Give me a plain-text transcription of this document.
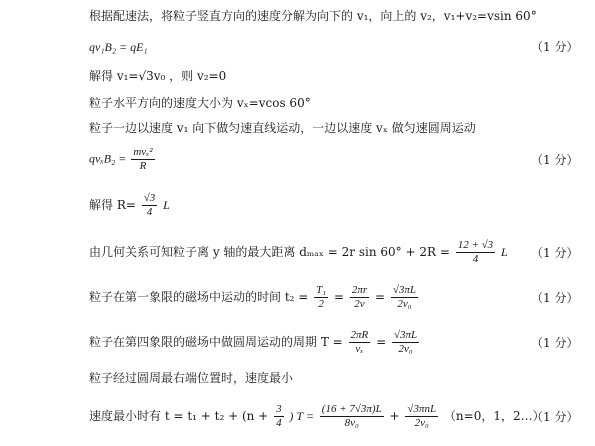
根据配速法，将粒子竖直方向的速度分解为向下的 v₁，向上的 v₂，v₁+v₂=vsin 60°
qv₁B₂ = qE₁	（1 分）
解得 v₁=√3v₀ ，则 v₂=0
粒子水平方向的速度大小为 vₓ=vcos 60°
粒子一边以速度 v₁ 向下做匀速直线运动，一边以速度 vₓ 做匀速圆周运动
$qv_xB_2 = \frac{\text{mvₓ²}}{R}$	（1 分）
解得 $R= \frac{√3}{4}$ L
由几何关系可知粒子离 y 轴的最大距离 dₘₐₓ = 2r $\sin 60^\circ + 2R = \frac{12 + √3}{4}$ L （1 分）
粒子在第一象限的磁场中运动的时间 $t_2 = \frac{\text{T₁}}{2} = \frac{2\pi r}{2v} = \frac{√3\pi L}{\text{2v₀}}$	（1 分）
粒子在第四象限的磁场中做圆周运动的周期 $T = \frac{2\pi R}{\text{vₓ}} = \frac{√3\pi L}{\text{2v₀}}$	（1 分）
粒子经过圆周最右端位置时，速度最小
速度最小时有 $t = t_1 + t_2 + (n + \frac{3}{4}$ ) $T = \frac{(16 + 7√3\pi)L}{\text{8v₀}} + \frac{\text{√3πnL}}{\text{2v₀}} (n=0$，1，2…）
（1 分）
